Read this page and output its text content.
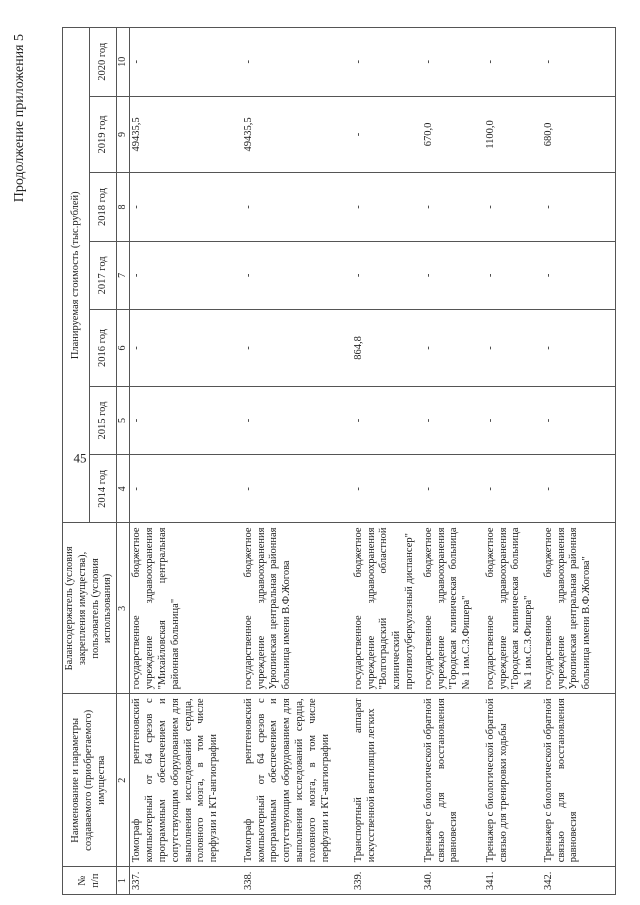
Продолжение приложения 5
45
№ п/п	Наименование и параметры создаваемого (приобретаемого) имущества	Балансодержатель (условия закрепления имущества), пользователь (условия использования)	Планируемая стоимость (тыс.рублей)						
			2014 год	2015 год	2016 год	2017 год	2018 год	2019 год	2020 год
1	2	3	4	5	6	7	8	9	10
337.	Томограф рентгеновский компьютерный от 64 срезов с программным обеспечением и сопутствующим оборудованием для выполнения исследований сердца, головного мозга, в том числе перфузии и КТ-ангиографии	государственное бюджетное учреждение здравоохранения "Михайловская центральная районная больница"	-	-	-	-	-	49435,5	-
338.	Томограф рентгеновский компьютерный от 64 срезов с программным обеспечением и сопутствующим оборудованием для выполнения исследований сердца, головного мозга, в том числе перфузии и КТ-ангиографии	государственное бюджетное учреждение здравоохранения Урюпинская центральная районная больница имени В.Ф.Жогова	-	-	-	-	-	49435,5	-
339.	Транспортный аппарат искусственной вентиляции легких	государственное бюджетное учреждение здравоохранения "Волгоградский областной клинический противотуберкулезный диспансер"	-	-	864,8	-	-	-	-
340.	Тренажер с биологической обратной связью для восстановления равновесия	государственное бюджетное учреждение здравоохранения "Городская клиническая больница № 1 им.С.З.Фишера"	-	-	-	-	-	670,0	-
341.	Тренажер с биологической обратной связью для тренировки ходьбы	государственное бюджетное учреждение здравоохранения "Городская клиническая больница № 1 им.С.З.Фишера"	-	-	-	-	-	1100,0	-
342.	Тренажер с биологической обратной связью для восстановления равновесия	государственное бюджетное учреждение здравоохранения Урюпинская центральная районная больница имени В.Ф.Жогова"	-	-	-	-	-	680,0	-
